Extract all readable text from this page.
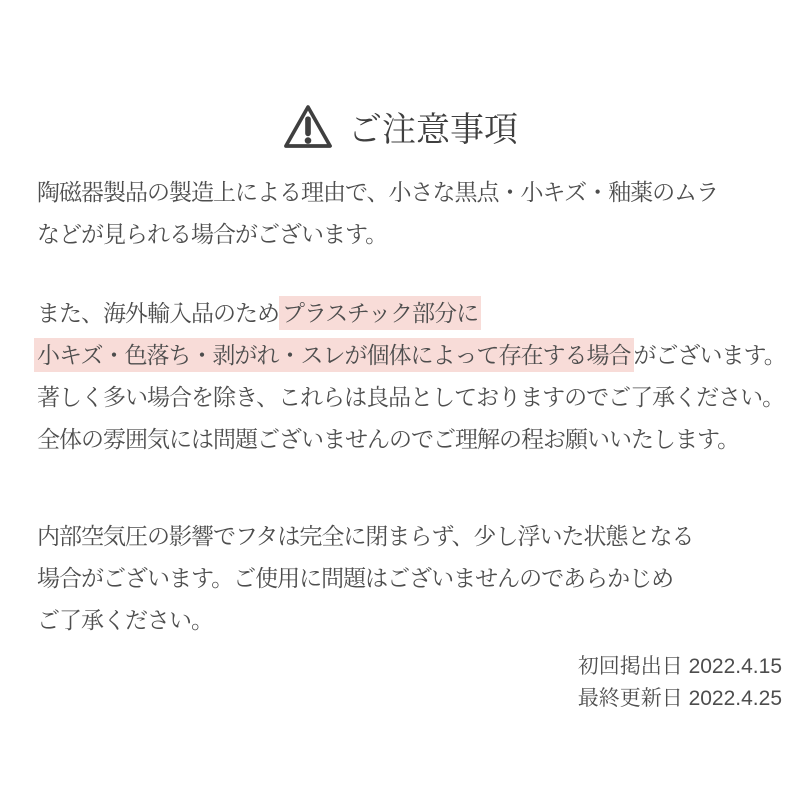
ご注意事項
陶磁器製品の製造上による理由で、小さな黒点・小キズ・釉薬のムラ
などが見られる場合がございます。
また、海外輸入品のため プラスチック部分に
小キズ・色落ち・剥がれ・スレが個体によって存在する場合 がございます。
著しく多い場合を除き、これらは良品としておりますのでご了承ください。
全体の雰囲気には問題ございませんのでご理解の程お願いいたします。
内部空気圧の影響でフタは完全に閉まらず、少し浮いた状態となる
場合がございます。ご使用に問題はございませんのであらかじめ
ご了承ください。
初回掲出日 2022.4.15
最終更新日 2022.4.25
